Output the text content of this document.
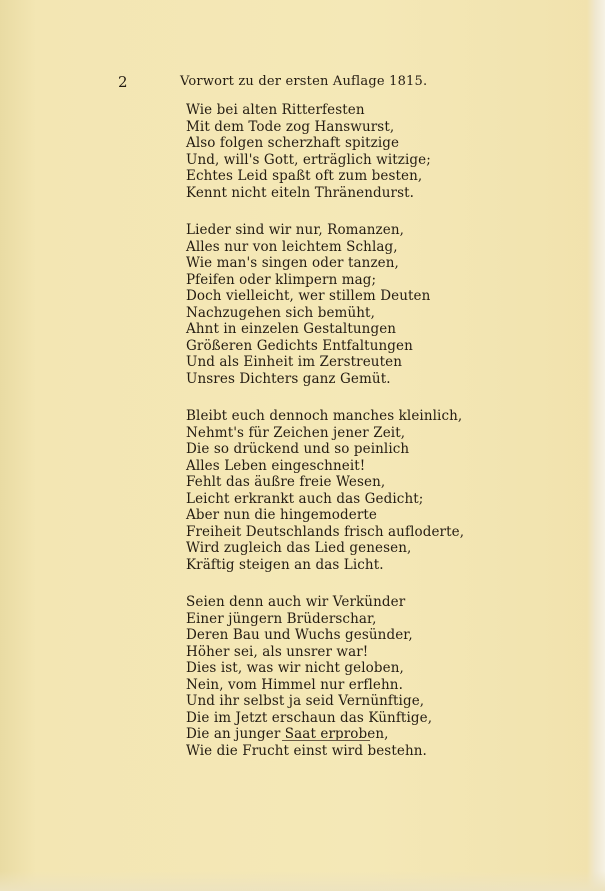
2	Vorwort zu der ersten Auflage 1815.
Wie bei alten Ritterfesten
Mit dem Tode zog Hanswurst,
Also folgen scherzhaft spitzige
Und, will's Gott, erträglich witzige;
Echtes Leid spaßt oft zum besten,
Kennt nicht eiteln Thränendurst.
Lieder sind wir nur, Romanzen,
Alles nur von leichtem Schlag,
Wie man's singen oder tanzen,
Pfeifen oder klimpern mag;
Doch vielleicht, wer stillem Deuten
Nachzugehen sich bemüht,
Ahnt in einzelen Gestaltungen
Größeren Gedichts Entfaltungen
Und als Einheit im Zerstreuten
Unsres Dichters ganz Gemüt.
Bleibt euch dennoch manches kleinlich,
Nehmt's für Zeichen jener Zeit,
Die so drückend und so peinlich
Alles Leben eingeschneit!
Fehlt das äußre freie Wesen,
Leicht erkrankt auch das Gedicht;
Aber nun die hingemoderte
Freiheit Deutschlands frisch aufloderte,
Wird zugleich das Lied genesen,
Kräftig steigen an das Licht.
Seien denn auch wir Verkünder
Einer jüngern Brüderschar,
Deren Bau und Wuchs gesünder,
Höher sei, als unsrer war!
Dies ist, was wir nicht geloben,
Nein, vom Himmel nur erflehn.
Und ihr selbst ja seid Vernünftige,
Die im Jetzt erschaun das Künftige,
Die an junger Saat erproben,
Wie die Frucht einst wird bestehn.
